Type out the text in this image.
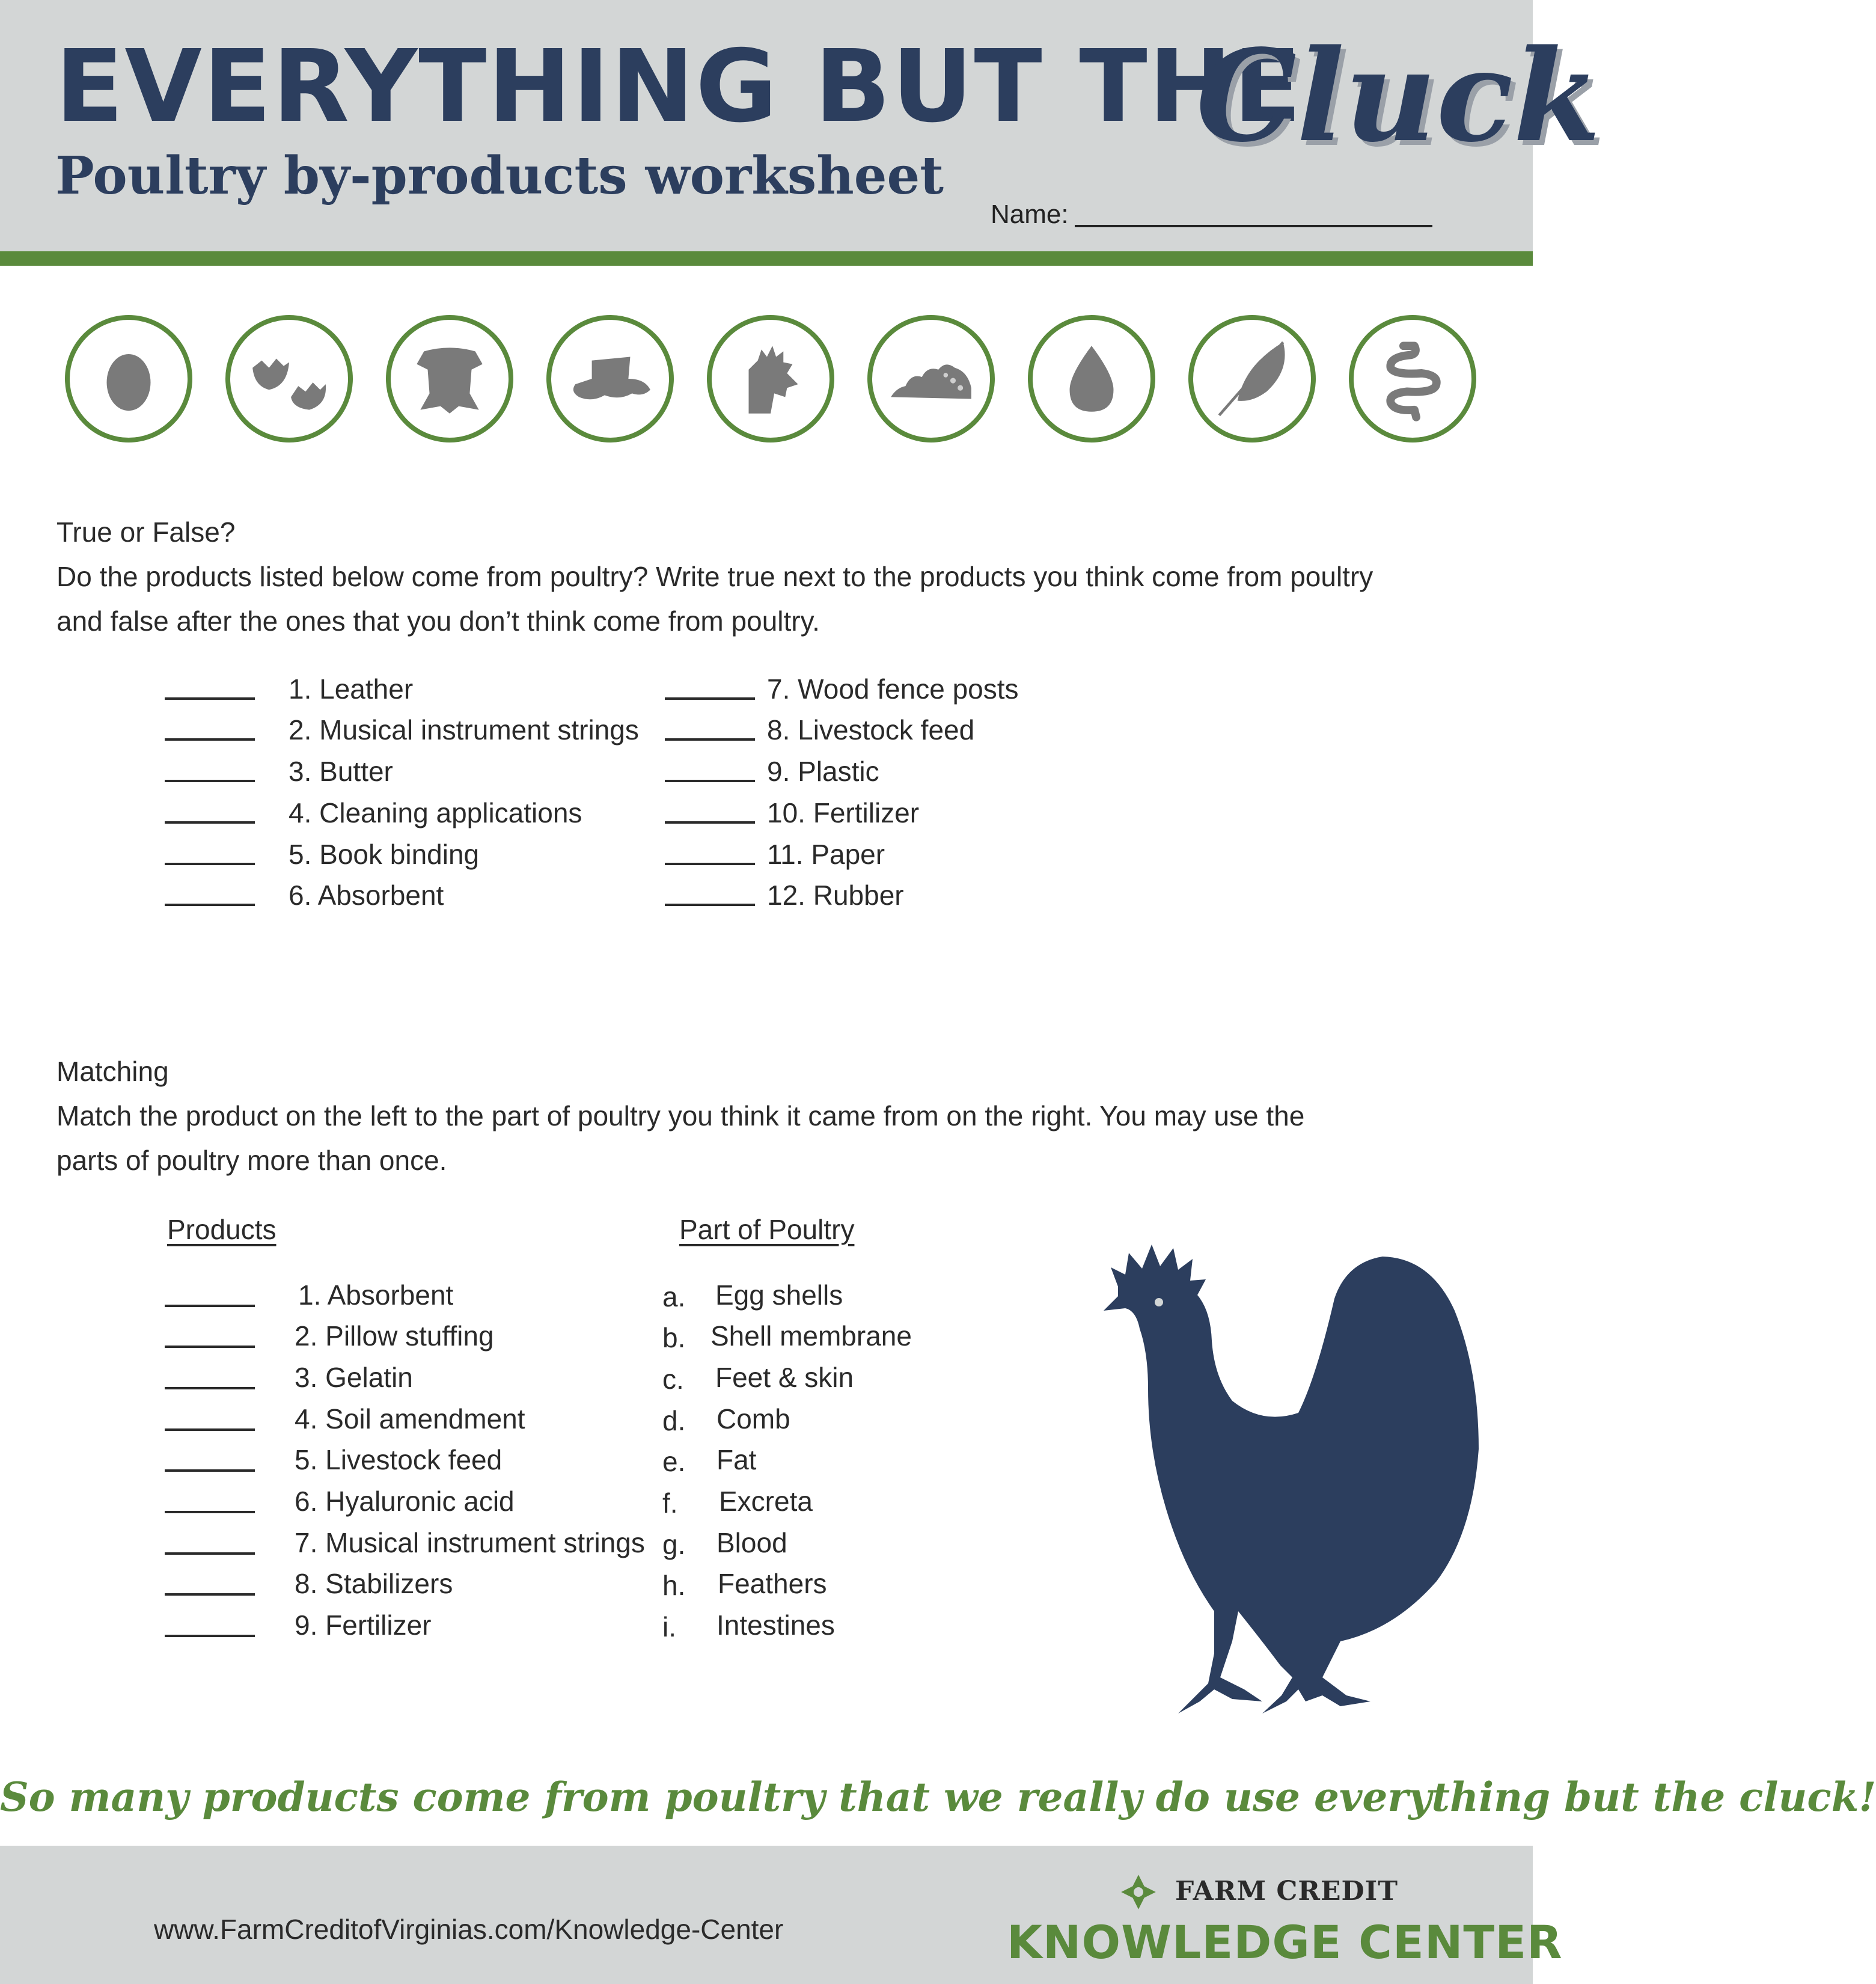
EVERYTHING BUT THE
Cluck
Poultry by-products worksheet
Name:
True or False?
Do the products listed below come from poultry? Write true next to the products you think come from poultry
and false after the ones that you don’t think come from poultry.
1. Leather
2. Musical instrument strings
3. Butter
4. Cleaning applications
5. Book binding
6. Absorbent
7. Wood fence posts
8. Livestock feed
9. Plastic
10. Fertilizer
11. Paper
12. Rubber
Matching
Match the product on the left to the part of poultry you think it came from on the right. You may use the
parts of poultry more than once.
Products	Part of Poultry
1. Absorbent
2. Pillow stuffing
3. Gelatin
4. Soil amendment
5. Livestock feed
6. Hyaluronic acid
7. Musical instrument strings
8. Stabilizers
9. Fertilizer
a. Egg shells
b. Shell membrane
c. Feet & skin
d. Comb
e. Fat
f. Excreta
g. Blood
h. Feathers
i. Intestines
So many products come from poultry that we really do use everything but the cluck!
www.FarmCreditofVirginias.com/Knowledge-Center
FARM CREDIT
KNOWLEDGE CENTER
